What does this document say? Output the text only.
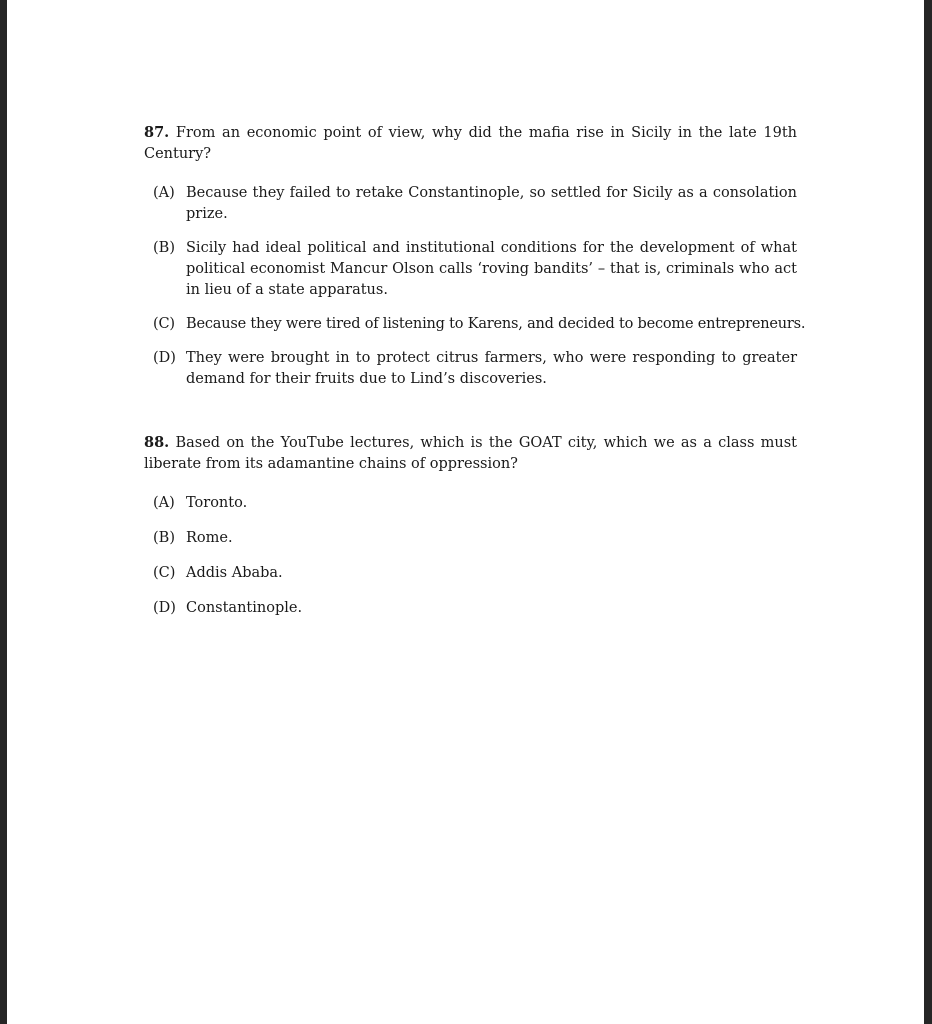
87. From an economic point of view, why did the mafia rise in Sicily in the late 19th Century?

(A) Because they failed to retake Constantinople, so settled for Sicily as a consolation prize.
(B) Sicily had ideal political and institutional conditions for the development of what political economist Mancur Olson calls ‘roving bandits’ – that is, criminals who act in lieu of a state apparatus.
(C) Because they were tired of listening to Karens, and decided to become entrepreneurs.
(D) They were brought in to protect citrus farmers, who were responding to greater demand for their fruits due to Lind’s discoveries.

88. Based on the YouTube lectures, which is the GOAT city, which we as a class must liberate from its adamantine chains of oppression?

(A) Toronto.
(B) Rome.
(C) Addis Ababa.
(D) Constantinople.
